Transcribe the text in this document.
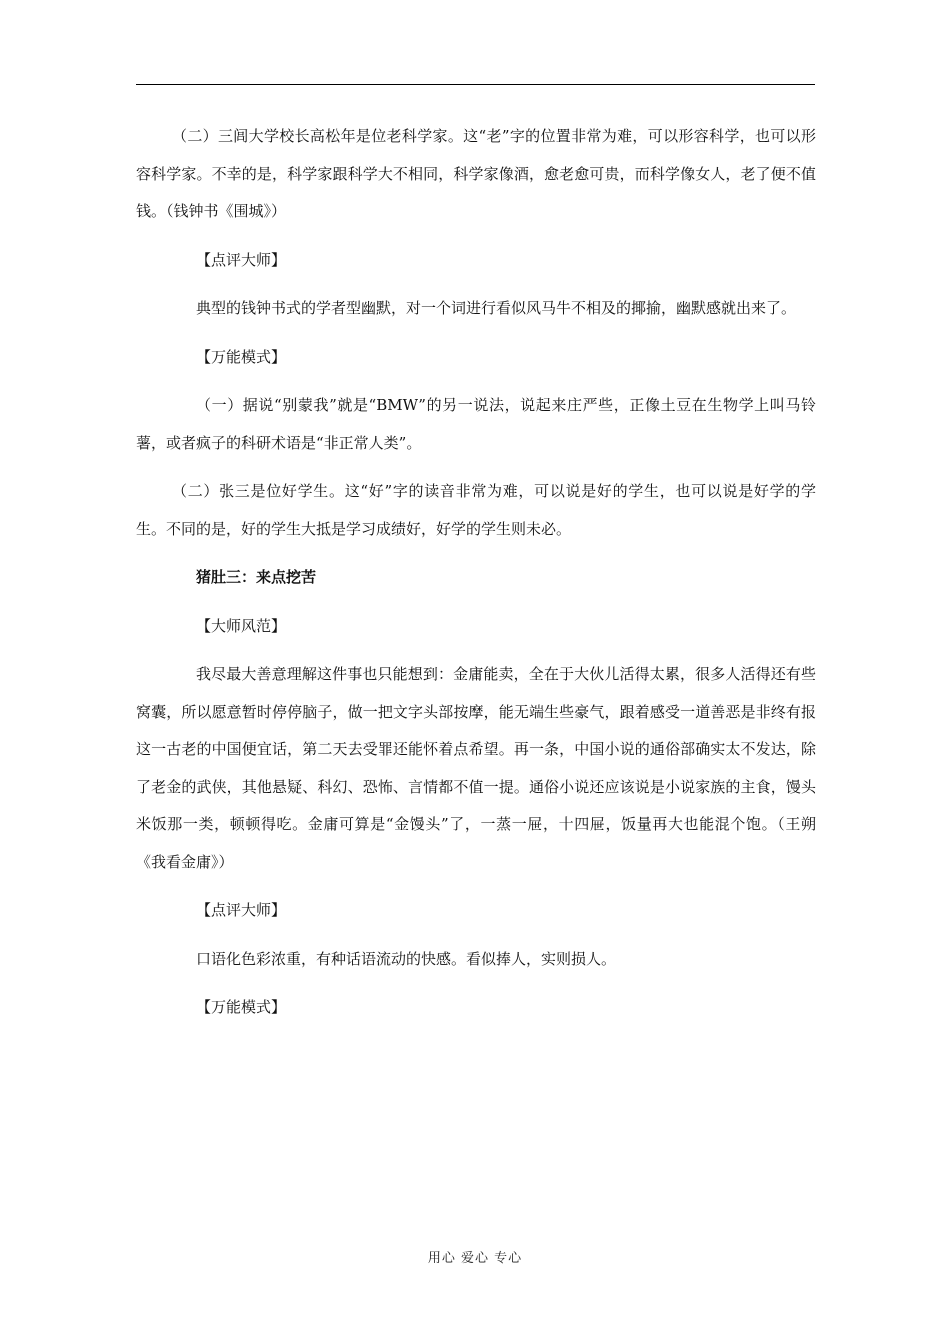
（二）三闾大学校长高松年是位老科学家。这“老”字的位置非常为难，可以形容科学，也可以形容科学家。不幸的是，科学家跟科学大不相同，科学家像酒，愈老愈可贵，而科学像女人，老了便不值钱。（钱钟书《围城》）

【点评大师】

典型的钱钟书式的学者型幽默，对一个词进行看似风马牛不相及的揶揄，幽默感就出来了。

【万能模式】

（一）据说“别蒙我”就是“BMW”的另一说法，说起来庄严些，正像土豆在生物学上叫马铃薯，或者疯子的科研术语是“非正常人类”。

（二）张三是位好学生。这“好”字的读音非常为难，可以说是好的学生，也可以说是好学的学生。不同的是，好的学生大抵是学习成绩好，好学的学生则未必。

猪肚三：来点挖苦

【大师风范】

我尽最大善意理解这件事也只能想到：金庸能卖，全在于大伙儿活得太累，很多人活得还有些窝囊，所以愿意暂时停停脑子，做一把文字头部按摩，能无端生些豪气，跟着感受一道善恶是非终有报这一古老的中国便宜话，第二天去受罪还能怀着点希望。再一条，中国小说的通俗部确实太不发达，除了老金的武侠，其他悬疑、科幻、恐怖、言情都不值一提。通俗小说还应该说是小说家族的主食，馒头米饭那一类，顿顿得吃。金庸可算是“金馒头”了，一蒸一屉，十四屉，饭量再大也能混个饱。（王朔《我看金庸》）

【点评大师】

口语化色彩浓重，有种话语流动的快感。看似捧人，实则损人。

【万能模式】

用心 爱心 专心
